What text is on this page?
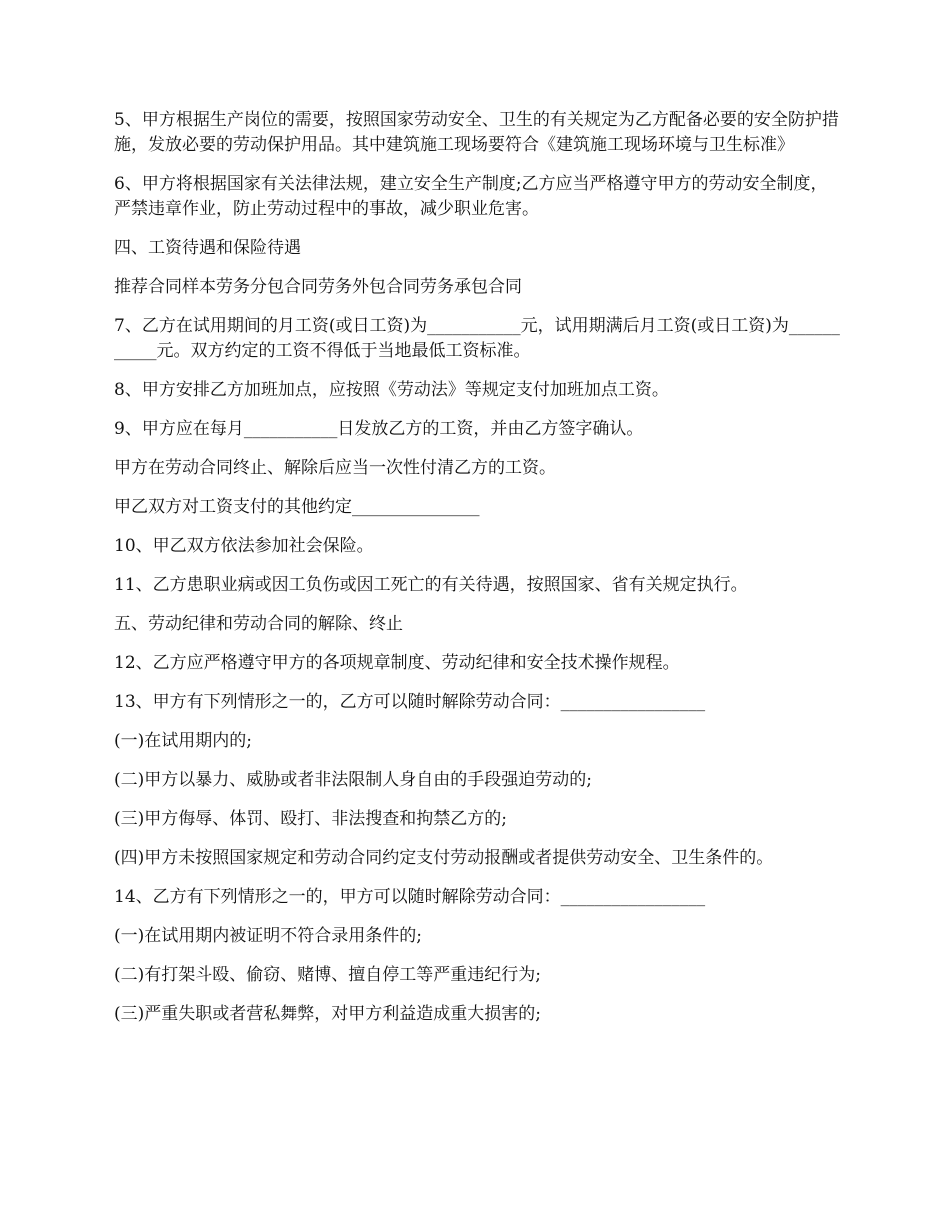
5、甲方根据生产岗位的需要，按照国家劳动安全、卫生的有关规定为乙方配备必要的安全防护措施，发放必要的劳动保护用品。其中建筑施工现场要符合《建筑施工现场环境与卫生标准》

6、甲方将根据国家有关法律法规，建立安全生产制度;乙方应当严格遵守甲方的劳动安全制度，严禁违章作业，防止劳动过程中的事故，减少职业危害。

四、工资待遇和保险待遇

推荐合同样本劳务分包合同劳务外包合同劳务承包合同

7、乙方在试用期间的月工资(或日工资)为___________元，试用期满后月工资(或日工资)为___________元。双方约定的工资不得低于当地最低工资标准。

8、甲方安排乙方加班加点，应按照《劳动法》等规定支付加班加点工资。

9、甲方应在每月___________日发放乙方的工资，并由乙方签字确认。

甲方在劳动合同终止、解除后应当一次性付清乙方的工资。

甲乙双方对工资支付的其他约定_______________

10、甲乙双方依法参加社会保险。

11、乙方患职业病或因工负伤或因工死亡的有关待遇，按照国家、省有关规定执行。

五、劳动纪律和劳动合同的解除、终止

12、乙方应严格遵守甲方的各项规章制度、劳动纪律和安全技术操作规程。

13、甲方有下列情形之一的，乙方可以随时解除劳动合同：_________________

(一)在试用期内的;

(二)甲方以暴力、威胁或者非法限制人身自由的手段强迫劳动的;

(三)甲方侮辱、体罚、殴打、非法搜查和拘禁乙方的;

(四)甲方未按照国家规定和劳动合同约定支付劳动报酬或者提供劳动安全、卫生条件的。

14、乙方有下列情形之一的，甲方可以随时解除劳动合同：_________________

(一)在试用期内被证明不符合录用条件的;

(二)有打架斗殴、偷窃、赌博、擅自停工等严重违纪行为;

(三)严重失职或者营私舞弊，对甲方利益造成重大损害的;
